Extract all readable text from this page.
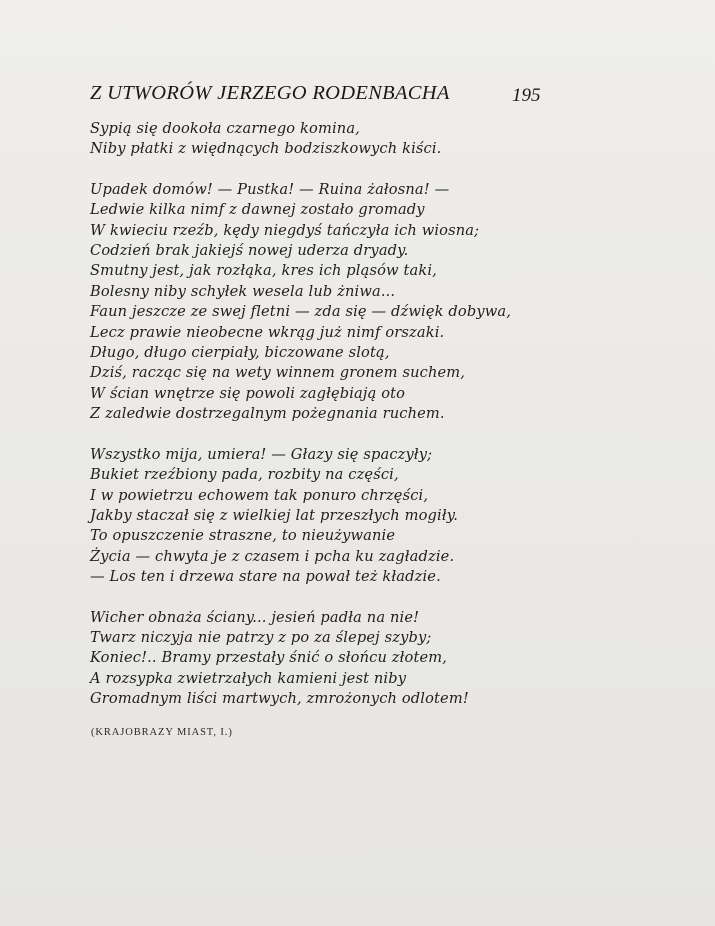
Z UTWORÓW JERZEGO RODENBACHA	195
Sypią się dookoła czarnego komina,
Niby płatki z więdnących bodziszkowych kiści.
Upadek domów! — Pustka! — Ruina żałosna! —
Ledwie kilka nimf z dawnej zostało gromady
W kwieciu rzeźb, kędy niegdyś tańczyła ich wiosna;
Codzień brak jakiejś nowej uderza dryady.
Smutny jest, jak rozłąka, kres ich pląsów taki,
Bolesny niby schyłek wesela lub żniwa...
Faun jeszcze ze swej fletni — zda się — dźwięk dobywa,
Lecz prawie nieobecne wkrąg już nimf orszaki.
Długo, długo cierpiały, biczowane slotą,
Dziś, racząc się na wety winnem gronem suchem,
W ścian wnętrze się powoli zagłębiają oto
Z zaledwie dostrzegalnym pożegnania ruchem.
Wszystko mija, umiera! — Głazy się spaczyły;
Bukiet rzeźbiony pada, rozbity na części,
I w powietrzu echowem tak ponuro chrzęści,
Jakby staczał się z wielkiej lat przeszłych mogiły.
To opuszczenie straszne, to nieużywanie
Życia — chwyta je z czasem i pcha ku zagładzie.
— Los ten i drzewa stare na pował też kładzie.
Wicher obnaża ściany... jesień padła na nie!
Twarz niczyja nie patrzy z po za ślepej szyby;
Koniec!.. Bramy przestały śnić o słońcu złotem,
A rozsypka zwietrzałych kamieni jest niby
Gromadnym liści martwych, zmrożonych odlotem!
(KRAJOBRAZY MIAST, I.)
